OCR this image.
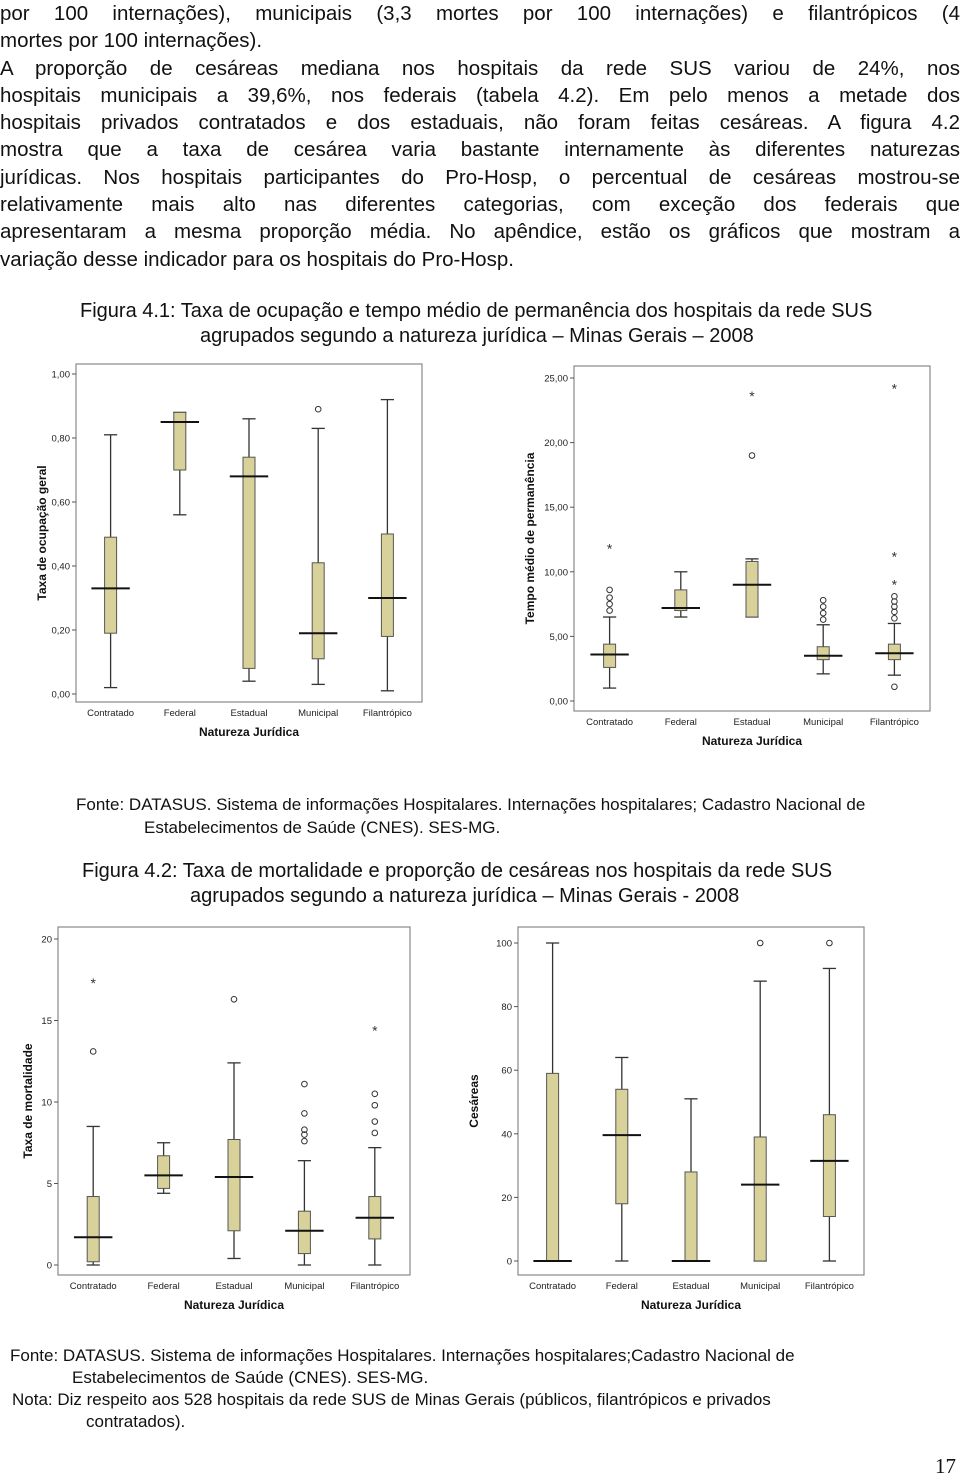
por 100 internações), municipais (3,3 mortes por 100 internações) e filantrópicos (4
mortes por 100 internações).
A proporção de cesáreas mediana nos hospitais da rede SUS variou de 24%, nos
hospitais municipais a 39,6%, nos federais (tabela 4.2). Em pelo menos a metade dos
hospitais privados contratados e dos estaduais, não foram feitas cesáreas. A figura 4.2
mostra que a taxa de cesárea varia bastante internamente às diferentes naturezas
jurídicas. Nos hospitais participantes do Pro-Hosp, o percentual de cesáreas mostrou-se
relativamente mais alto nas diferentes categorias, com exceção dos federais que
apresentaram a mesma proporção média. No apêndice, estão os gráficos que mostram a
variação desse indicador para os hospitais do Pro-Hosp.
Figura 4.1: Taxa de ocupação e tempo médio de permanência dos hospitais da rede SUS
agrupados segundo a natureza jurídica – Minas Gerais – 2008
0,00
0,20
0,40
0,60
0,80
1,00
Taxa de ocupação geral
Contratado	Federal	Estadual	Municipal	Filantrópico
Natureza Jurídica
0,00
5,00
10,00
15,00
20,00
25,00
Tempo médio de permanência	*
Contratado	Federal
*
Estadual	Municipal
*
*
*
Filantrópico
Natureza Jurídica
Fonte: DATASUS. Sistema de informações Hospitalares. Internações hospitalares; Cadastro Nacional de
Estabelecimentos de Saúde (CNES). SES-MG.
Figura 4.2: Taxa de mortalidade e proporção de cesáreas nos hospitais da rede SUS
agrupados segundo a natureza jurídica – Minas Gerais - 2008
0
5
10
15
20
Taxa de mortalidade
*
Contratado	Federal	Estadual	Municipal
*
Filantrópico
Natureza Jurídica
0
20
40
60
80
100
Cesáreas
Contratado	Federal	Estadual	Municipal	Filantrópico
Natureza Jurídica
Fonte: DATASUS. Sistema de informações Hospitalares. Internações hospitalares;Cadastro Nacional de
Estabelecimentos de Saúde (CNES). SES-MG.
Nota: Diz respeito aos 528 hospitais da rede SUS de Minas Gerais (públicos, filantrópicos e privados
contratados).
17
